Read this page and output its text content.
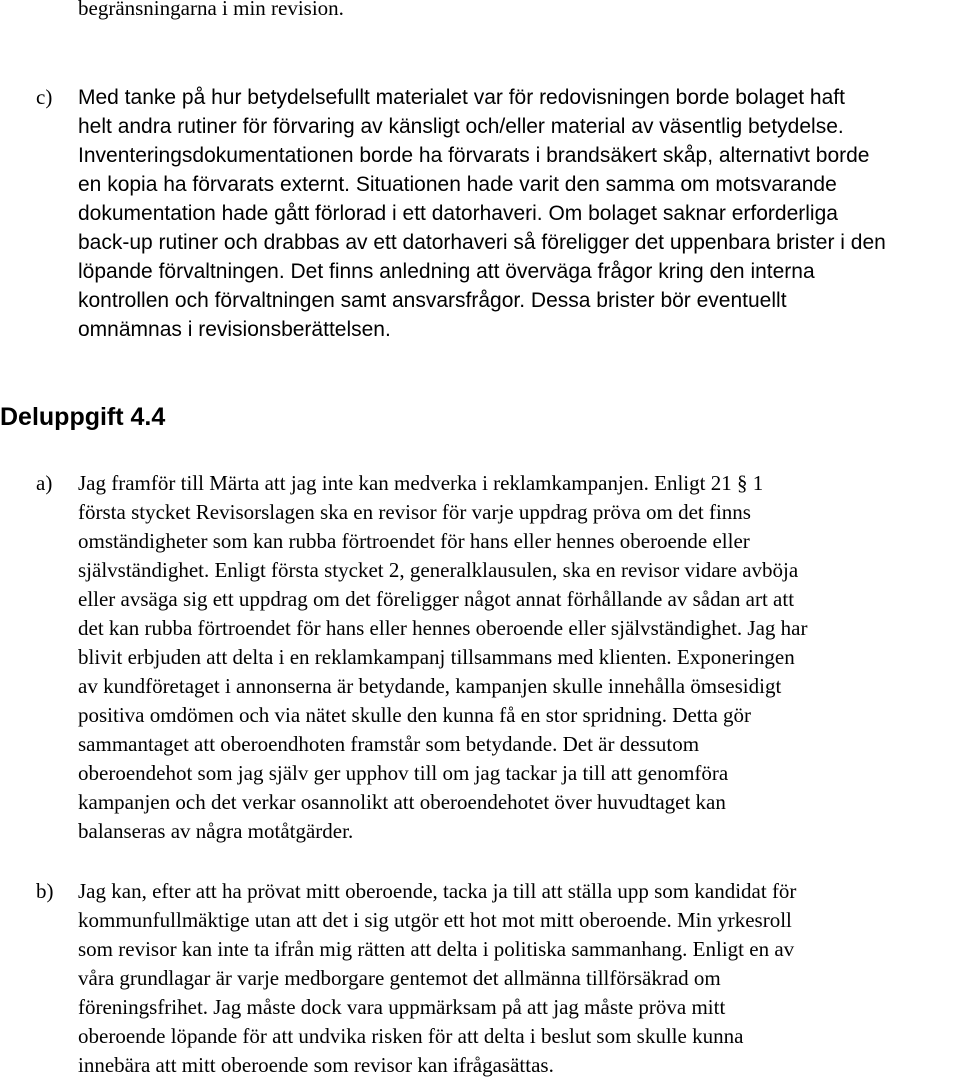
begränsningarna i min revision.
c) Med tanke på hur betydelsefullt materialet var för redovisningen borde bolaget haft
helt andra rutiner för förvaring av känsligt och/eller material av väsentlig betydelse.
Inventeringsdokumentationen borde ha förvarats i brandsäkert skåp, alternativt borde
en kopia ha förvarats externt. Situationen hade varit den samma om motsvarande
dokumentation hade gått förlorad i ett datorhaveri. Om bolaget saknar erforderliga
back-up rutiner och drabbas av ett datorhaveri så föreligger det uppenbara brister i den
löpande förvaltningen. Det finns anledning att överväga frågor kring den interna
kontrollen och förvaltningen samt ansvarsfrågor. Dessa brister bör eventuellt
omnämnas i revisionsberättelsen.
Deluppgift 4.4
a) Jag framför till Märta att jag inte kan medverka i reklamkampanjen. Enligt 21 § 1
första stycket Revisorslagen ska en revisor för varje uppdrag pröva om det finns
omständigheter som kan rubba förtroendet för hans eller hennes oberoende eller
självständighet. Enligt första stycket 2, generalklausulen, ska en revisor vidare avböja
eller avsäga sig ett uppdrag om det föreligger något annat förhållande av sådan art att
det kan rubba förtroendet för hans eller hennes oberoende eller självständighet. Jag har
blivit erbjuden att delta i en reklamkampanj tillsammans med klienten. Exponeringen
av kundföretaget i annonserna är betydande, kampanjen skulle innehålla ömsesidigt
positiva omdömen och via nätet skulle den kunna få en stor spridning. Detta gör
sammantaget att oberoendhoten framstår som betydande. Det är dessutom
oberoendehot som jag själv ger upphov till om jag tackar ja till att genomföra
kampanjen och det verkar osannolikt att oberoendehotet över huvudtaget kan
balanseras av några motåtgärder.
b) Jag kan, efter att ha prövat mitt oberoende, tacka ja till att ställa upp som kandidat för
kommunfullmäktige utan att det i sig utgör ett hot mot mitt oberoende. Min yrkesroll
som revisor kan inte ta ifrån mig rätten att delta i politiska sammanhang. Enligt en av
våra grundlagar är varje medborgare gentemot det allmänna tillförsäkrad om
föreningsfrihet. Jag måste dock vara uppmärksam på att jag måste pröva mitt
oberoende löpande för att undvika risken för att delta i beslut som skulle kunna
innebära att mitt oberoende som revisor kan ifrågasättas.
